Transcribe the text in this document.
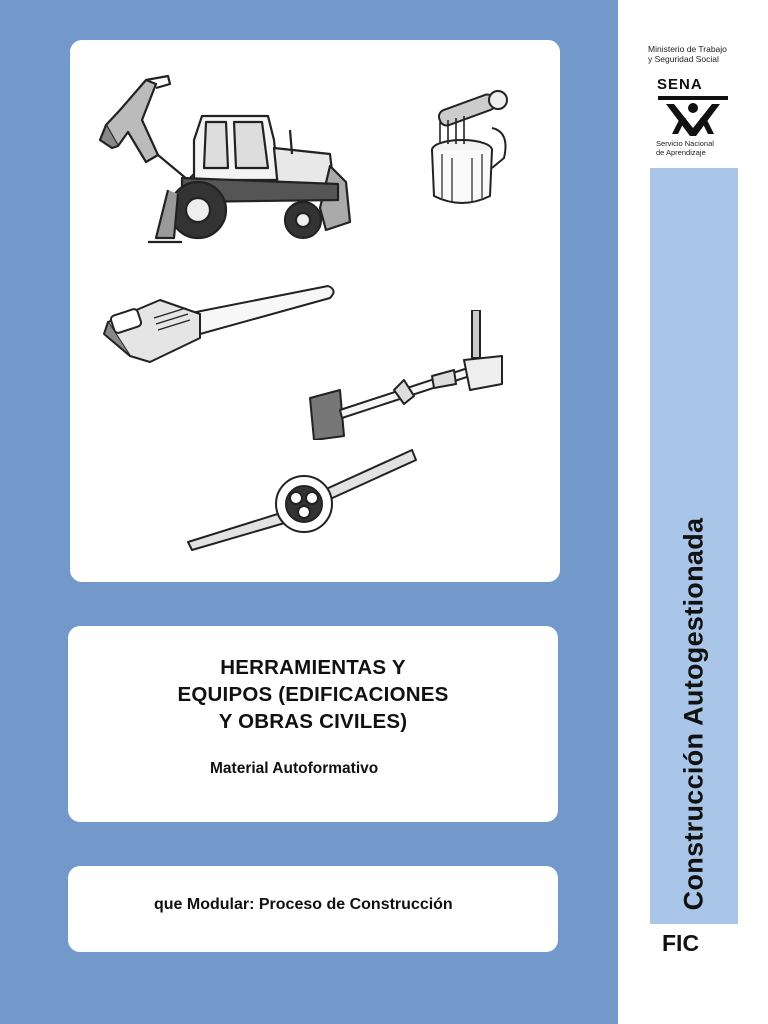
HERRAMIENTAS Y
EQUIPOS (EDIFICACIONES
Y OBRAS CIVILES)
Material Autoformativo
que Modular: Proceso de Construcción
Ministerio de Trabajo
y Seguridad Social
SENA
Servicio Nacional
de Aprendizaje
Construcción Autogestionada
FIC
